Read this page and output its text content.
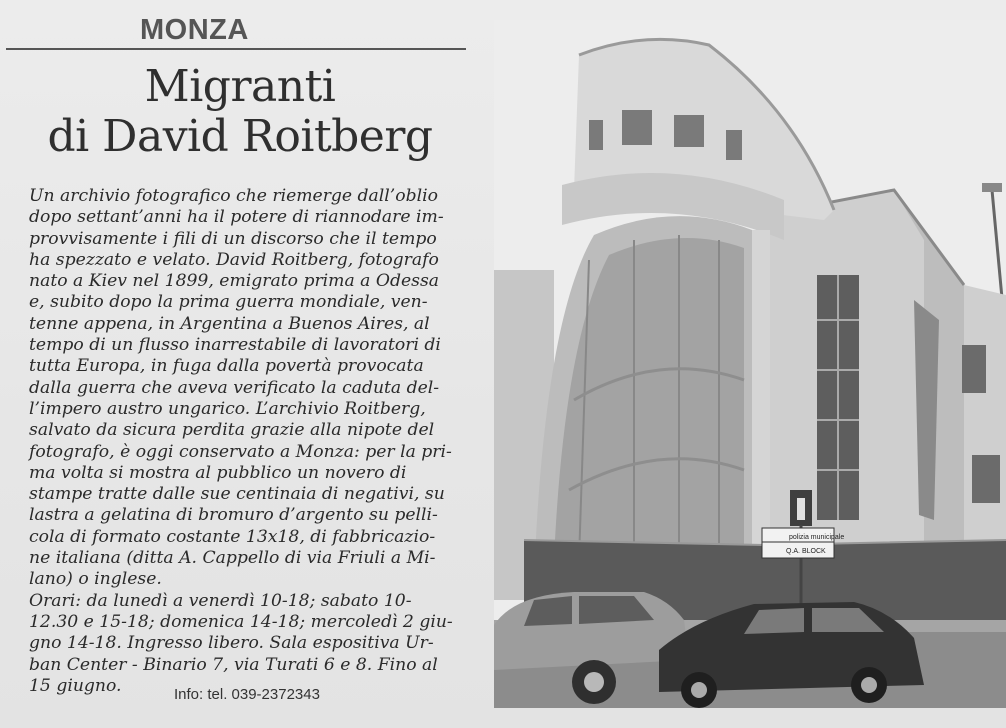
MONZA
Migranti
di David Roitberg
Un archivio fotografico che riemerge dall’oblio
dopo settant’anni ha il potere di riannodare im-
provvisamente i fili di un discorso che il tempo
ha spezzato e velato. David Roitberg, fotografo
nato a Kiev nel 1899, emigrato prima a Odessa
e, subito dopo la prima guerra mondiale, ven-
tenne appena, in Argentina a Buenos Aires, al
tempo di un flusso inarrestabile di lavoratori di
tutta Europa, in fuga dalla povertà provocata
dalla guerra che aveva verificato la caduta del-
l’impero austro ungarico. L’archivio Roitberg,
salvato da sicura perdita grazie alla nipote del
fotografo, è oggi conservato a Monza: per la pri-
ma volta si mostra al pubblico un novero di
stampe tratte dalle sue centinaia di negativi, su
lastra a gelatina di bromuro d’argento su pelli-
cola di formato costante 13x18, di fabbricazio-
ne italiana (ditta A. Cappello di via Friuli a Mi-
lano) o inglese.
Orari: da lunedì a venerdì 10-18; sabato 10-
12.30 e 15-18; domenica 14-18; mercoledì 2 giu-
gno 14-18. Ingresso libero. Sala espositiva Ur-
ban Center - Binario 7, via Turati 6 e 8. Fino al
15 giugno.	Info: tel. 039-2372343
polizia municipale
Q.A. BLOCK
